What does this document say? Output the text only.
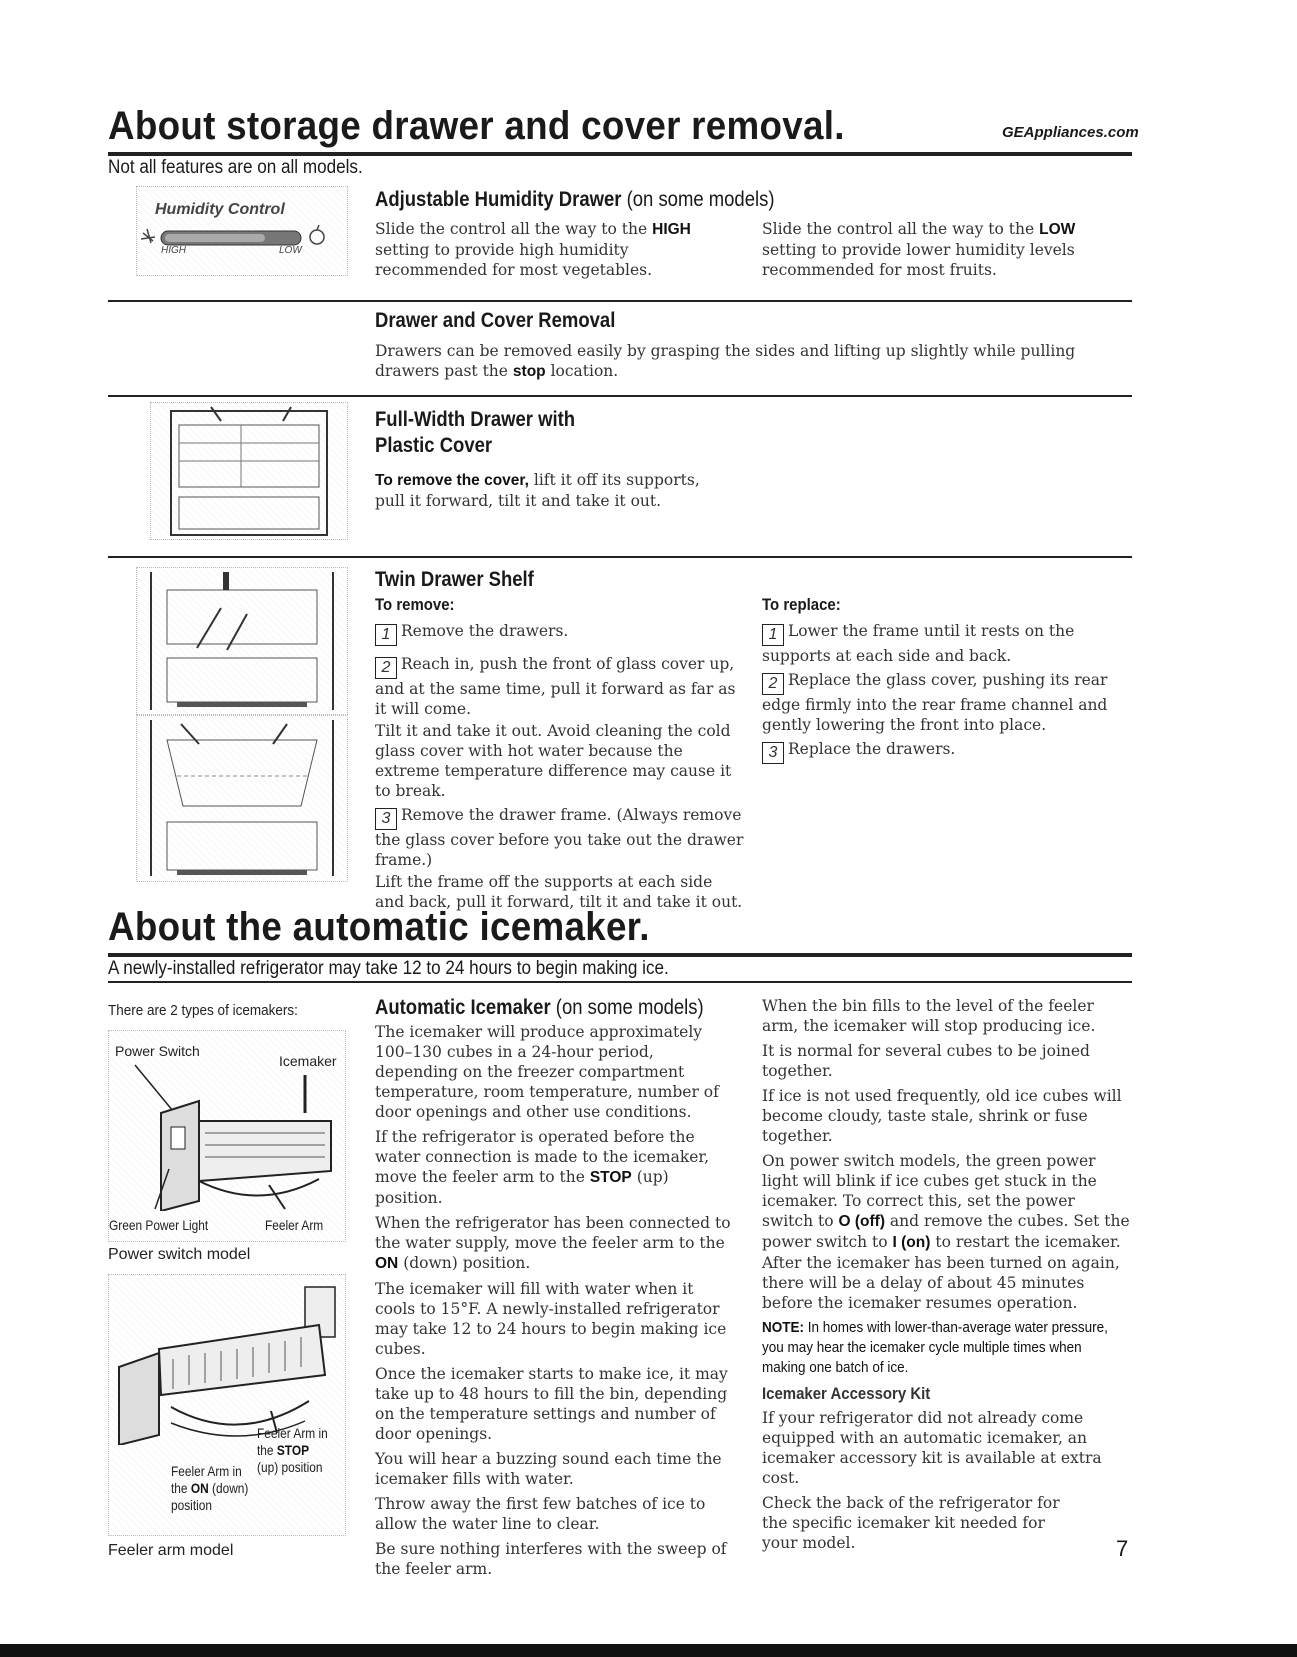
About storage drawer and cover removal.	GEAppliances.com
Not all features are on all models.
Humidity Control
HIGH	LOW
Adjustable Humidity Drawer (on some models)
Slide the control all the way to the HIGH setting to provide high humidity recommended for most vegetables.
Slide the control all the way to the LOW setting to provide lower humidity levels recommended for most fruits.
Drawer and Cover Removal
Drawers can be removed easily by grasping the sides and lifting up slightly while pulling drawers past the stop location.
Full-Width Drawer with
Plastic Cover
To remove the cover, lift it off its supports, pull it forward, tilt it and take it out.
Twin Drawer Shelf
To remove:
1 Remove the drawers.
2 Reach in, push the front of glass cover up, and at the same time, pull it forward as far as it will come.
Tilt it and take it out. Avoid cleaning the cold glass cover with hot water because the extreme temperature difference may cause it to break.
3 Remove the drawer frame. (Always remove the glass cover before you take out the drawer frame.)
Lift the frame off the supports at each side and back, pull it forward, tilt it and take it out.
To replace:
1 Lower the frame until it rests on the supports at each side and back.
2 Replace the glass cover, pushing its rear edge firmly into the rear frame channel and gently lowering the front into place.
3 Replace the drawers.
About the automatic icemaker.
A newly-installed refrigerator may take 12 to 24 hours to begin making ice.
There are 2 types of icemakers:
Power Switch
Icemaker
Green Power Light	Feeler Arm
Power switch model
Feeler Arm in
the STOP
(up) position
Feeler Arm in
the ON (down)
position
Feeler arm model
Automatic Icemaker (on some models)
The icemaker will produce approximately 100–130 cubes in a 24-hour period, depending on the freezer compartment temperature, room temperature, number of door openings and other use conditions.
If the refrigerator is operated before the water connection is made to the icemaker, move the feeler arm to the STOP (up) position.
When the refrigerator has been connected to the water supply, move the feeler arm to the ON (down) position.
The icemaker will fill with water when it cools to 15°F. A newly-installed refrigerator may take 12 to 24 hours to begin making ice cubes.
Once the icemaker starts to make ice, it may take up to 48 hours to fill the bin, depending on the temperature settings and number of door openings.
You will hear a buzzing sound each time the icemaker fills with water.
Throw away the first few batches of ice to allow the water line to clear.
Be sure nothing interferes with the sweep of the feeler arm.
When the bin fills to the level of the feeler arm, the icemaker will stop producing ice.
It is normal for several cubes to be joined together.
If ice is not used frequently, old ice cubes will become cloudy, taste stale, shrink or fuse together.
On power switch models, the green power light will blink if ice cubes get stuck in the icemaker. To correct this, set the power switch to O (off) and remove the cubes. Set the power switch to I (on) to restart the icemaker. After the icemaker has been turned on again, there will be a delay of about 45 minutes before the icemaker resumes operation.
NOTE: In homes with lower-than-average water pressure, you may hear the icemaker cycle multiple times when making one batch of ice.
Icemaker Accessory Kit
If your refrigerator did not already come equipped with an automatic icemaker, an icemaker accessory kit is available at extra cost.
Check the back of the refrigerator for the specific icemaker kit needed for your model.	7
